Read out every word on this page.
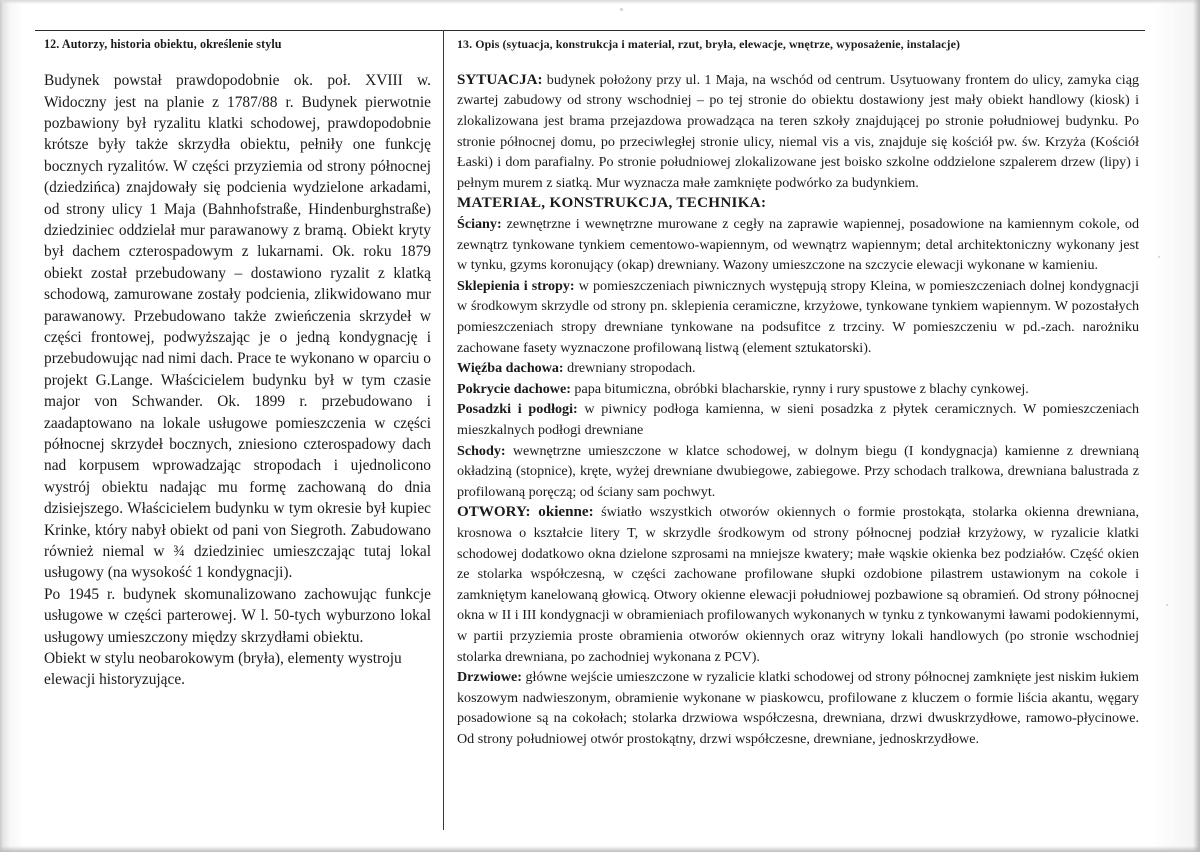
12. Autorzy, historia obiektu, określenie stylu

Budynek powstał prawdopodobnie ok. poł. XVIII w. Widoczny jest na planie z 1787/88 r. Budynek pierwotnie pozbawiony był ryzalitu klatki schodowej, prawdopodobnie krótsze były także skrzydła obiektu, pełniły one funkcję bocznych ryzalitów. W części przyziemia od strony północnej (dziedzińca) znajdowały się podcienia wydzielone arkadami, od strony ulicy 1 Maja (Bahnhofstraße, Hindenburghstraße) dziedziniec oddzielał mur parawanowy z bramą. Obiekt kryty był dachem czterospadowym z lukarnami. Ok. roku 1879 obiekt został przebudowany – dostawiono ryzalit z klatką schodową, zamurowane zostały podcienia, zlikwidowano mur parawanowy. Przebudowano także zwieńczenia skrzydeł w części frontowej, podwyższając je o jedną kondygnację i przebudowując nad nimi dach. Prace te wykonano w oparciu o projekt G.Lange. Właścicielem budynku był w tym czasie major von Schwander. Ok. 1899 r. przebudowano i zaadaptowano na lokale usługowe pomieszczenia w części północnej skrzydeł bocznych, zniesiono czterospadowy dach nad korpusem wprowadzając stropodach i ujednolicono wystrój obiektu nadając mu formę zachowaną do dnia dzisiejszego. Właścicielem budynku w tym okresie był kupiec Krinke, który nabył obiekt od pani von Siegroth. Zabudowano również niemal w ¾ dziedziniec umieszczając tutaj lokal usługowy (na wysokość 1 kondygnacji).

Po 1945 r. budynek skomunalizowano zachowując funkcje usługowe w części parterowej. W l. 50-tych wyburzono lokal usługowy umieszczony między skrzydłami obiektu.

Obiekt w stylu neobarokowym (bryła), elementy wystroju elewacji historyzujące.

13. Opis (sytuacja, konstrukcja i material, rzut, bryła, elewacje, wnętrze, wyposażenie, instalacje)

SYTUACJA: budynek położony przy ul. 1 Maja, na wschód od centrum. Usytuowany frontem do ulicy, zamyka ciąg zwartej zabudowy od strony wschodniej – po tej stronie do obiektu dostawiony jest mały obiekt handlowy (kiosk) i zlokalizowana jest brama przejazdowa prowadząca na teren szkoły znajdującej po stronie południowej budynku. Po stronie północnej domu, po przeciwległej stronie ulicy, niemal vis a vis, znajduje się kościół pw. św. Krzyża (Kościół Łaski) i dom parafialny. Po stronie południowej zlokalizowane jest boisko szkolne oddzielone szpalerem drzew (lipy) i pełnym murem z siatką. Mur wyznacza małe zamknięte podwórko za budynkiem.

MATERIAŁ, KONSTRUKCJA, TECHNIKA:

Ściany: zewnętrzne i wewnętrzne murowane z cegły na zaprawie wapiennej, posadowione na kamiennym cokole, od zewnątrz tynkowane tynkiem cementowo-wapiennym, od wewnątrz wapiennym; detal architektoniczny wykonany jest w tynku, gzyms koronujący (okap) drewniany. Wazony umieszczone na szczycie elewacji wykonane w kamieniu.

Sklepienia i stropy: w pomieszczeniach piwnicznych występują stropy Kleina, w pomieszczeniach dolnej kondygnacji w środkowym skrzydle od strony pn. sklepienia ceramiczne, krzyżowe, tynkowane tynkiem wapiennym. W pozostałych pomieszczeniach stropy drewniane tynkowane na podsufitce z trzciny. W pomieszczeniu w pd.-zach. narożniku zachowane fasety wyznaczone profilowaną listwą (element sztukatorski).

Więźba dachowa: drewniany stropodach.

Pokrycie dachowe: papa bitumiczna, obróbki blacharskie, rynny i rury spustowe z blachy cynkowej.

Posadzki i podłogi: w piwnicy podłoga kamienna, w sieni posadzka z płytek ceramicznych. W pomieszczeniach mieszkalnych podłogi drewniane

Schody: wewnętrzne umieszczone w klatce schodowej, w dolnym biegu (I kondygnacja) kamienne z drewnianą okładziną (stopnice), kręte, wyżej drewniane dwubiegowe, zabiegowe. Przy schodach tralkowa, drewniana balustrada z profilowaną poręczą; od ściany sam pochwyt.

OTWORY: okienne: światło wszystkich otworów okiennych o formie prostokąta, stolarka okienna drewniana, krosnowa o kształcie litery T, w skrzydle środkowym od strony północnej podział krzyżowy, w ryzalicie klatki schodowej dodatkowo okna dzielone szprosami na mniejsze kwatery; małe wąskie okienka bez podziałów. Część okien ze stolarka współczesną, w części zachowane profilowane słupki ozdobione pilastrem ustawionym na cokole i zamkniętym kanelowaną głowicą. Otwory okienne elewacji południowej pozbawione są obramień. Od strony północnej okna w II i III kondygnacji w obramieniach profilowanych wykonanych w tynku z tynkowanymi ławami podokiennymi, w partii przyziemia proste obramienia otworów okiennych oraz witryny lokali handlowych (po stronie wschodniej stolarka drewniana, po zachodniej wykonana z PCV).

Drzwiowe: główne wejście umieszczone w ryzalicie klatki schodowej od strony północnej zamknięte jest niskim łukiem koszowym nadwieszonym, obramienie wykonane w piaskowcu, profilowane z kluczem o formie liścia akantu, węgary posadowione są na cokołach; stolarka drzwiowa współczesna, drewniana, drzwi dwuskrzydłowe, ramowo-płycinowe. Od strony południowej otwór prostokątny, drzwi współczesne, drewniane, jednoskrzydłowe.
